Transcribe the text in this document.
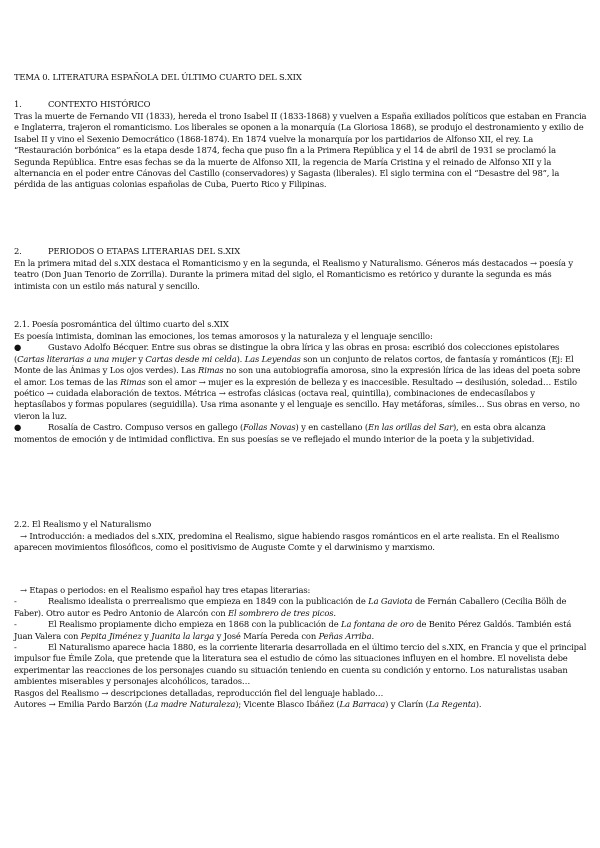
TEMA 0. LITERATURA ESPAÑOLA DEL ÚLTIMO CUARTO DEL S.XIX

1.	CONTEXTO HISTÓRICO

Tras la muerte de Fernando VII (1833), hereda el trono Isabel II (1833-1868) y vuelven a España exiliados políticos que estaban en Francia e Inglaterra, trajeron el romanticismo. Los liberales se oponen a la monarquía (La Gloriosa 1868), se produjo el destronamiento y exilio de Isabel II y vino el Sexenio Democrático (1868-1874). En 1874 vuelve la monarquía por los partidarios de Alfonso XII, el rey. La “Restauración borbónica” es la etapa desde 1874, fecha que puso fin a la Primera República y el 14 de abril de 1931 se proclamó la Segunda República. Entre esas fechas se da la muerte de Alfonso XII, la regencia de María Cristina y el reinado de Alfonso XII y la alternancia en el poder entre Cánovas del Castillo (conservadores) y Sagasta (liberales). El siglo termina con el “Desastre del 98”, la pérdida de las antiguas colonias españolas de Cuba, Puerto Rico y Filipinas.

2.	PERIODOS O ETAPAS LITERARIAS DEL S.XIX

En la primera mitad del s.XIX destaca el Romanticismo y en la segunda, el Realismo y Naturalismo. Géneros más destacados → poesía y teatro (Don Juan Tenorio de Zorrilla). Durante la primera mitad del siglo, el Romanticismo es retórico y durante la segunda es más intimista con un estilo más natural y sencillo.

2.1. Poesía posromántica del último cuarto del s.XIX

Es poesía intimista, dominan las emociones, los temas amorosos y la naturaleza y el lenguaje sencillo:

●	Gustavo Adolfo Bécquer. Entre sus obras se distingue la obra lírica y las obras en prosa: escribió dos colecciones epistolares (Cartas literarias a una mujer y Cartas desde mi celda). Las Leyendas son un conjunto de relatos cortos, de fantasía y románticos (Ej: El Monte de las Ánimas y Los ojos verdes). Las Rimas no son una autobiografía amorosa, sino la expresión lírica de las ideas del poeta sobre el amor. Los temas de las Rimas son el amor → mujer es la expresión de belleza y es inaccesible. Resultado → desilusión, soledad… Estilo poético → cuidada elaboración de textos. Métrica → estrofas clásicas (octava real, quintilla), combinaciones de endecasílabos y heptasílabos y formas populares (seguidilla). Usa rima asonante y el lenguaje es sencillo. Hay metáforas, símiles… Sus obras en verso, no vieron la luz.

●	Rosalía de Castro. Compuso versos en gallego (Follas Novas) y en castellano (En las orillas del Sar), en esta obra alcanza momentos de emoción y de intimidad conflictiva. En sus poesías se ve reflejado el mundo interior de la poeta y la subjetividad.

2.2. El Realismo y el Naturalismo

→ Introducción: a mediados del s.XIX, predomina el Realismo, sigue habiendo rasgos románticos en el arte realista. En el Realismo aparecen movimientos filosóficos, como el positivismo de Auguste Comte y el darwinismo y marxismo.

→ Etapas o periodos: en el Realismo español hay tres etapas literarias:

-	Realismo idealista o prerrealismo que empieza en 1849 con la publicación de La Gaviota de Fernán Caballero (Cecilia Bölh de Faber). Otro autor es Pedro Antonio de Alarcón con El sombrero de tres picos.

-	El Realismo propiamente dicho empieza en 1868 con la publicación de La fontana de oro de Benito Pérez Galdós. También está Juan Valera con Pepita Jiménez y Juanita la larga y José María Pereda con Peñas Arriba.

-	El Naturalismo aparece hacia 1880, es la corriente literaria desarrollada en el último tercio del s.XIX, en Francia y que el principal impulsor fue Émile Zola, que pretende que la literatura sea el estudio de cómo las situaciones influyen en el hombre. El novelista debe experimentar las reacciones de los personajes cuando su situación teniendo en cuenta su condición y entorno. Los naturalistas usaban ambientes miserables y personajes alcohólicos, tarados…

Rasgos del Realismo → descripciones detalladas, reproducción fiel del lenguaje hablado…

Autores → Emilia Pardo Barzón (La madre Naturaleza); Vicente Blasco Ibáñez (La Barraca) y Clarín (La Regenta).
